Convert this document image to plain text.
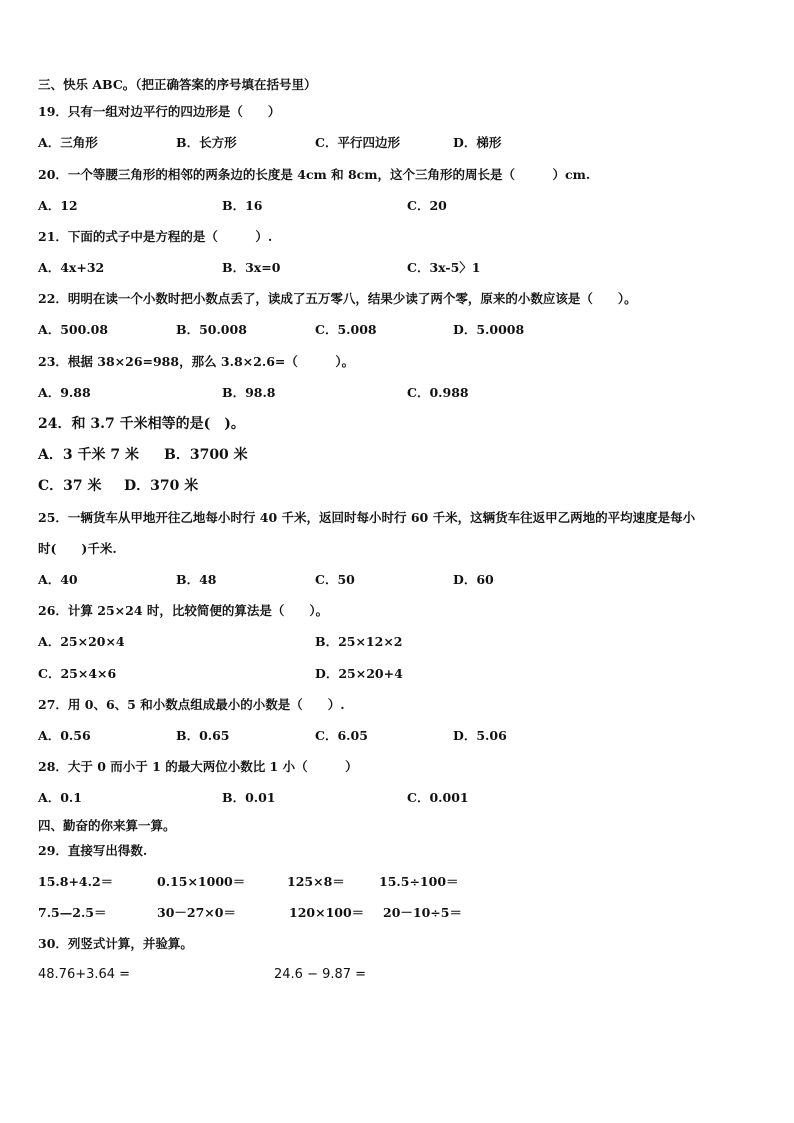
三、快乐 ABC。（把正确答案的序号填在括号里）
19．只有一组对边平行的四边形是（　　）
A．三角形	B．长方形	C．平行四边形	D．梯形
20．一个等腰三角形的相邻的两条边的长度是 4cm 和 8cm，这个三角形的周长是（　　　）cm.
A．12	B．16	C．20
21．下面的式子中是方程的是（　　　）.
A．4x+32	B．3x=0	C．3x-5〉1
22．明明在读一个小数时把小数点丢了，读成了五万零八，结果少读了两个零，原来的小数应该是（　　）。
A．500.08	B．50.008	C．5.008	D．5.0008
23．根据 38×26=988，那么 3.8×2.6=（　　　）。
A．9.88	B．98.8	C．0.988
24．和 3.7 千米相等的是(　)。
A．3 千米 7 米 B．3700 米
C．37 米 D．370 米
25．一辆货车从甲地开往乙地每小时行 40 千米，返回时每小时行 60 千米，这辆货车往返甲乙两地的平均速度是每小
时(　　)千米.
A．40	B．48	C．50	D．60
26．计算 25×24 时，比较简便的算法是（　　）。
A．25×20×4	B．25×12×2
C．25×4×6	D．25×20+4
27．用 0、6、5 和小数点组成最小的小数是（　　）.
A．0.56	B．0.65	C．6.05	D．5.06
28．大于 0 而小于 1 的最大两位小数比 1 小（　　　）
A．0.1	B．0.01	C．0.001
四、勤奋的你来算一算。
29．直接写出得数.
15.8+4.2＝	0.15×1000＝	125×8＝	15.5÷100＝
7.5—2.5＝	30－27×0＝	120×100＝ 20－10÷5＝
30．列竖式计算，并验算。
48.76+3.64 =	24.6 − 9.87 =
